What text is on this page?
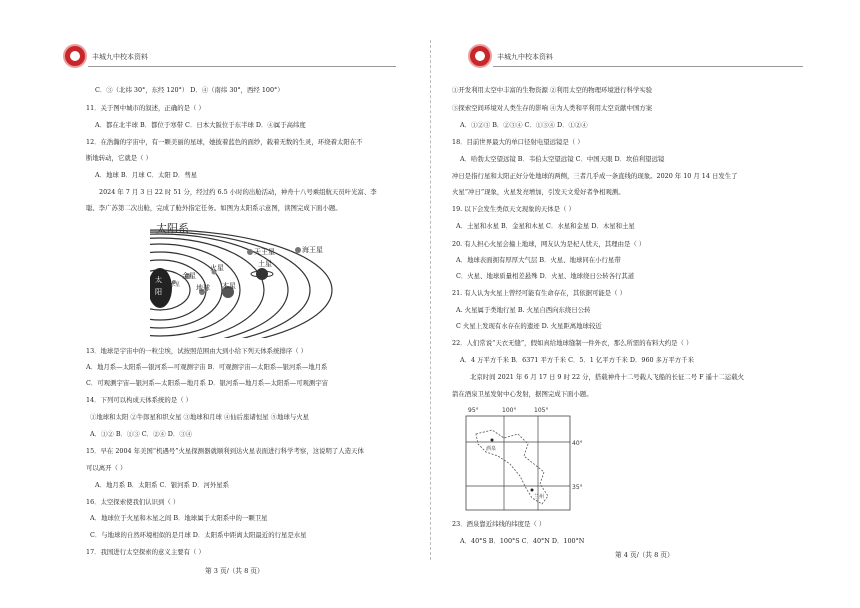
丰城九中校本资料	丰城九中校本资料
C．③（北纬 30°，东经 120°） D．④（南纬 30°，西经 100°）
11．关于图中城市的叙述，正确的是（ ）
A．都在北半球 B．都位于寒带 C．日本大阪位于东半球 D．④属于高纬度
12．在浩瀚的宇宙中，有一颗美丽的星球，她披着蓝色的面纱，载着无数的生灵，环绕着太阳在不
断地转动，它就是（ ）
A．地球 B．月球 C．太阳 D．彗星
2024 年 7 月 3 日 22 时 51 分，经过约 6.5 小时的出舱活动，神舟十八号乘组航天员叶光富、李
聪、李广苏第二次出舱，完成了舱外指定任务。如图为太阳系示意图，读图完成下面小题。
太阳系
太
阳
天王星	海王星
土星
木星
火星
地球
金星
水星
13．地球是宇宙中的一粒尘埃，试按照范围由大到小给下列天体系统排序（ ）
A．地月系—太阳系—银河系—可观测宇宙 B．可观测宇宙—太阳系—银河系—地月系
C．可观测宇宙—银河系—太阳系—地月系 D．银河系—地月系—太阳系—可观测宇宙
14．下列可以构成天体系统的是（ ）
①地球和太阳 ②牛郎星和织女星 ③地球和月球 ④仙后座诸恒星 ⑤地球与火星
A．①② B．①③ C．②④ D．③④
15．早在 2004 年美国“机遇号”火星探测器就顺利到达火星表面进行科学考察，这说明了人造天体
可以离开（ ）
A．地月系 B．太阳系 C．银河系 D．河外星系
16．太空探索使我们认识到（ ）
A．地球位于火星和木星之间 B．地球属于太阳系中的一颗卫星
C．与地球的自然环境相似的是月球 D．太阳系中距离太阳最近的行星是水星
17．我国进行太空探索的意义主要有（ ）
第 3 页/（共 8 页）
①开发利用太空中丰富的生物资源 ②利用太空的物理环境进行科学实验
③探索空间环境对人类生存的影响 ④为人类和平利用太空贡献中国方案
A．①②③ B．②③④ C．①③④ D．①②④
18．目前世界最大的单口径射电望远镜是（ ）
A．哈勃太空望远镜 B．韦伯太空望远镜 C．中国天眼 D．坎伯利望远镜
冲日是指行星和太阳正好分处地球的两侧，三者几乎成一条直线的现象。2020 年 10 月 14 日发生了
火星“冲日”现象，火星发亮增加，引发天文爱好者争相观测。
19. 以下会发生类似天文现象的天体是（ ）
A．土星和水星 B．金星和木星 C．水星和金星 D．木星和土星
20. 有人担心火星会撞上地球，网友认为是杞人忧天，其理由是（ ）
A．地球表面拥有厚厚大气层 B．火星、地球同在小行星带
C．火星、地球质量相差悬殊 D．火星、地球绕日公转各行其道
21. 有人认为火星上曾经可能有生命存在，其依据可能是（ ）
A. 火星属于类地行星 B. 火星自西向东绕日公转
C 火星上发现有水存在的遗迹 D. 火星距离地球较近
22．人们常说“天衣无缝”，假如真给地球缝制一件外衣，那么所需的布料大约是（ ）
A．4 万平方千米 B．6371 平方千米 C．5．1 亿平方千米 D．960 多万平方千米
北京时间 2021 年 6 月 17 日 9 时 22 分，搭载神舟十二号载人飞船的长征二号 F 遥十二运载火
箭在酒泉卫星发射中心发射，据图完成下面小题。
95°	100°	105°
40°
35°
酒泉
兰州
23．酒泉靠近纬线的纬度是（ ）
A．40°S B．100°S C．40°N D．100°N
第 4 页/（共 8 页）
